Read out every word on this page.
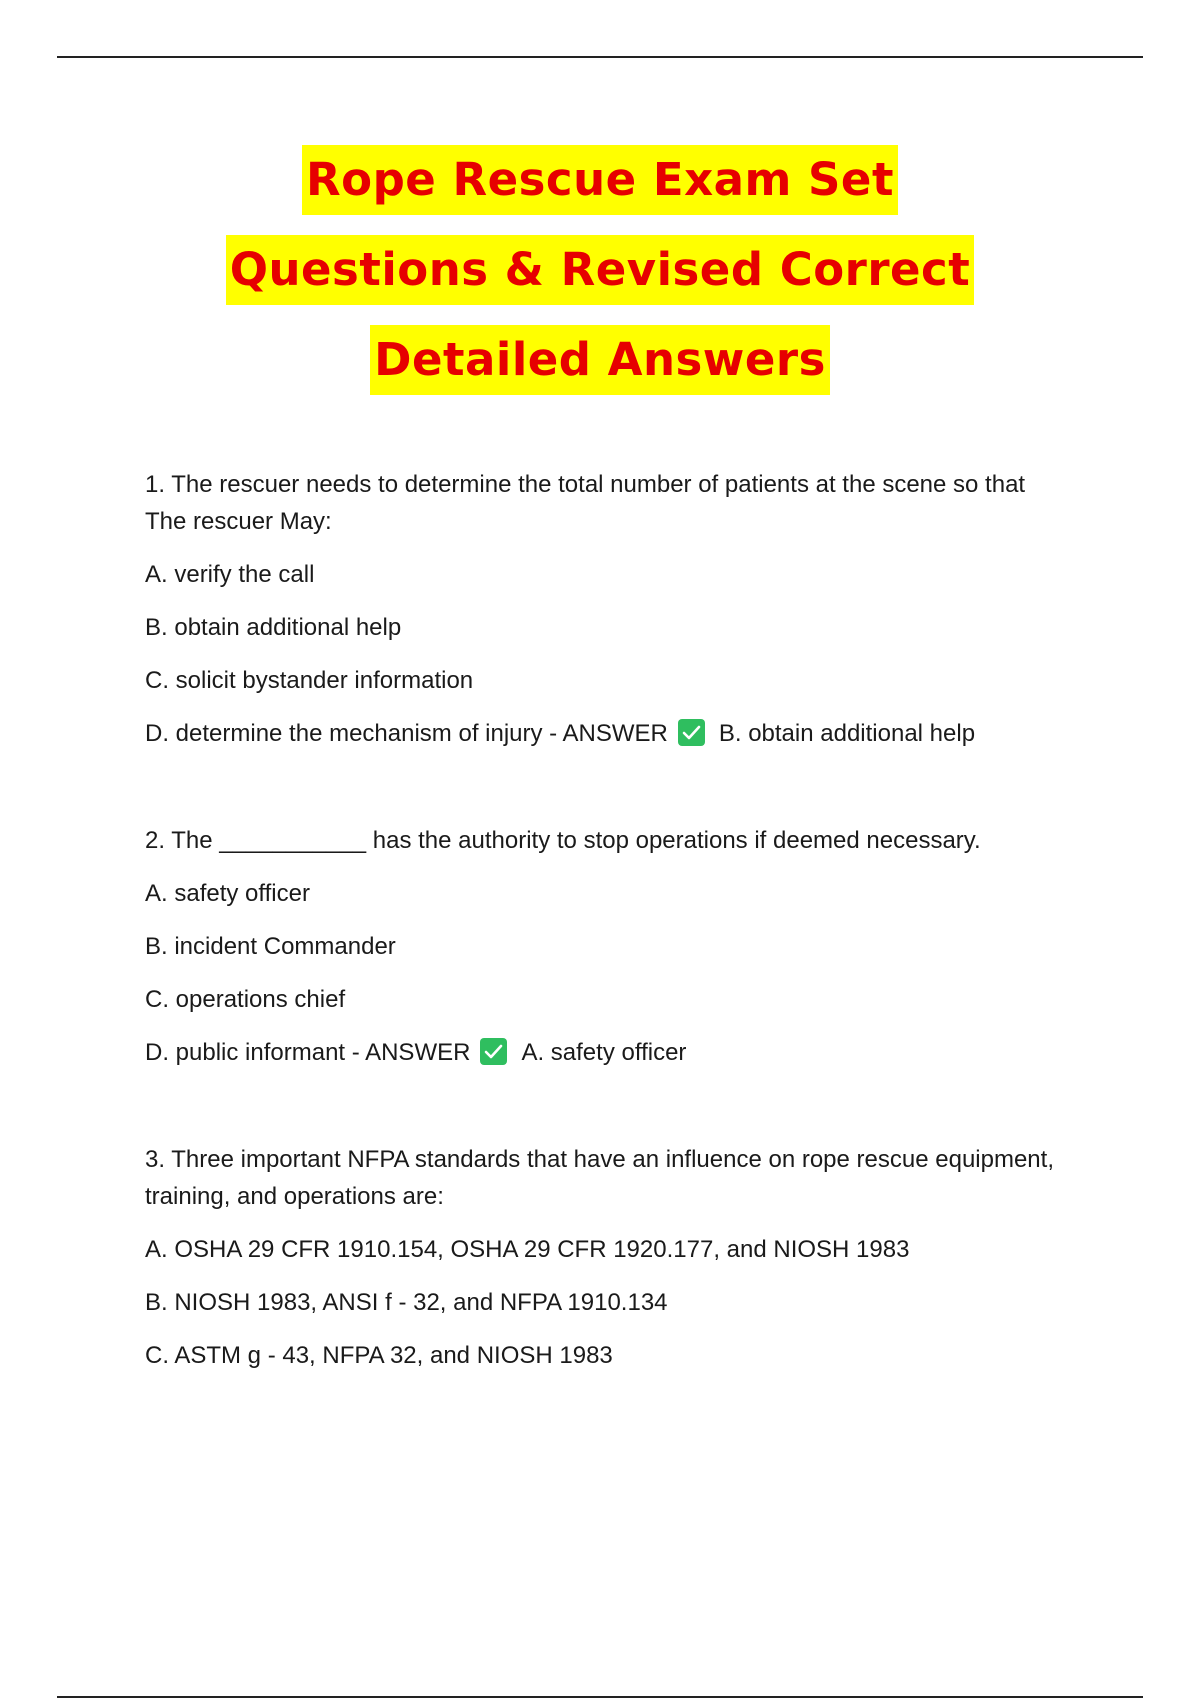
Rope Rescue Exam Set
Questions & Revised Correct
Detailed Answers
1. The rescuer needs to determine the total number of patients at the scene so that The rescuer May:
A. verify the call
B. obtain additional help
C. solicit bystander information
D. determine the mechanism of injury - ANSWER B. obtain additional help
2. The ___________ has the authority to stop operations if deemed necessary.
A. safety officer
B. incident Commander
C. operations chief
D. public informant - ANSWER A. safety officer
3. Three important NFPA standards that have an influence on rope rescue equipment, training, and operations are:
A. OSHA 29 CFR 1910.154, OSHA 29 CFR 1920.177, and NIOSH 1983
B. NIOSH 1983, ANSI f - 32, and NFPA 1910.134
C. ASTM g - 43, NFPA 32, and NIOSH 1983
